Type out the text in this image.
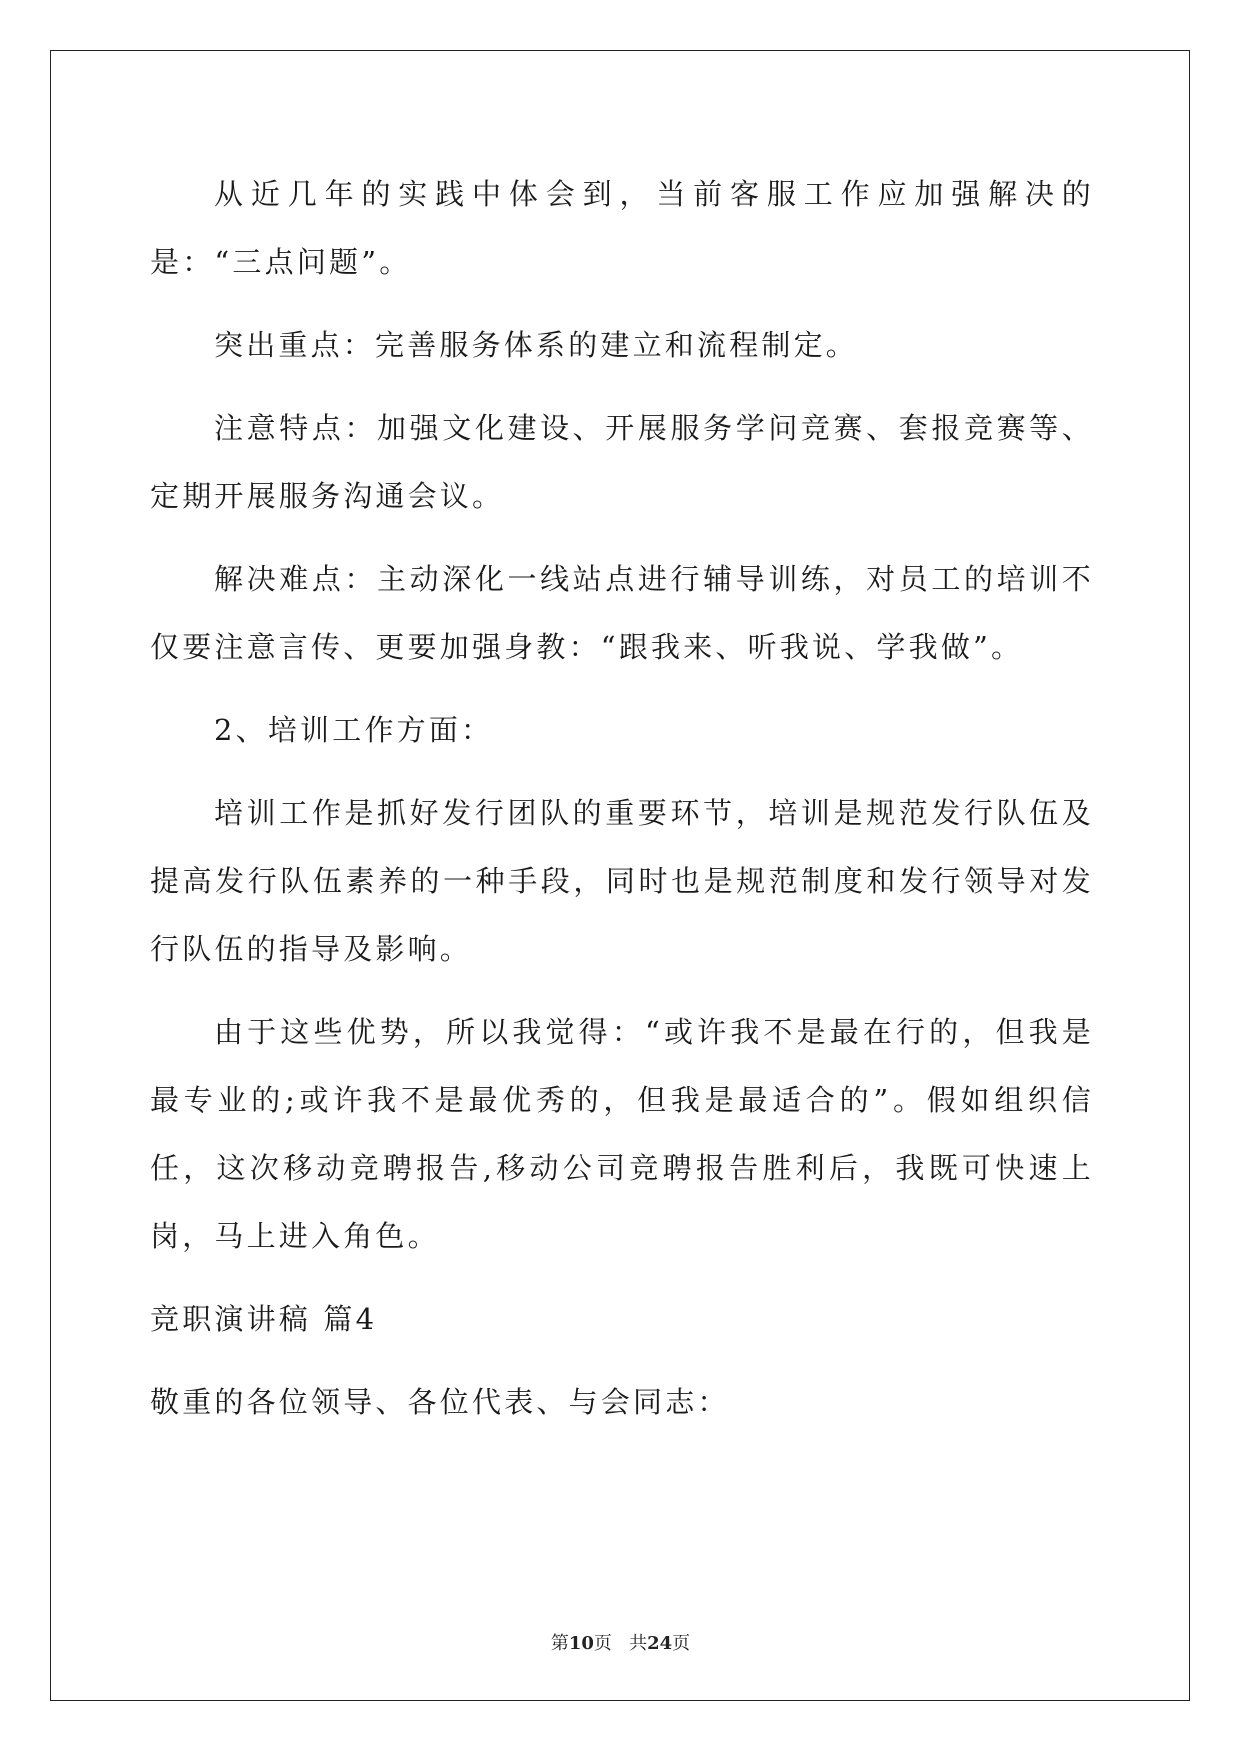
从近几年的实践中体会到，当前客服工作应加强解决的是：“三点问题”。

突出重点：完善服务体系的建立和流程制定。

注意特点：加强文化建设、开展服务学问竞赛、套报竞赛等、定期开展服务沟通会议。

解决难点：主动深化一线站点进行辅导训练，对员工的培训不仅要注意言传、更要加强身教：“跟我来、听我说、学我做”。

2、培训工作方面：

培训工作是抓好发行团队的重要环节，培训是规范发行队伍及提高发行队伍素养的一种手段，同时也是规范制度和发行领导对发行队伍的指导及影响。

由于这些优势，所以我觉得：“或许我不是最在行的，但我是最专业的;或许我不是最优秀的，但我是最适合的”。假如组织信任，这次移动竞聘报告,移动公司竞聘报告胜利后，我既可快速上岗，马上进入角色。

竞职演讲稿 篇4

敬重的各位领导、各位代表、与会同志：

第10页   共24页
